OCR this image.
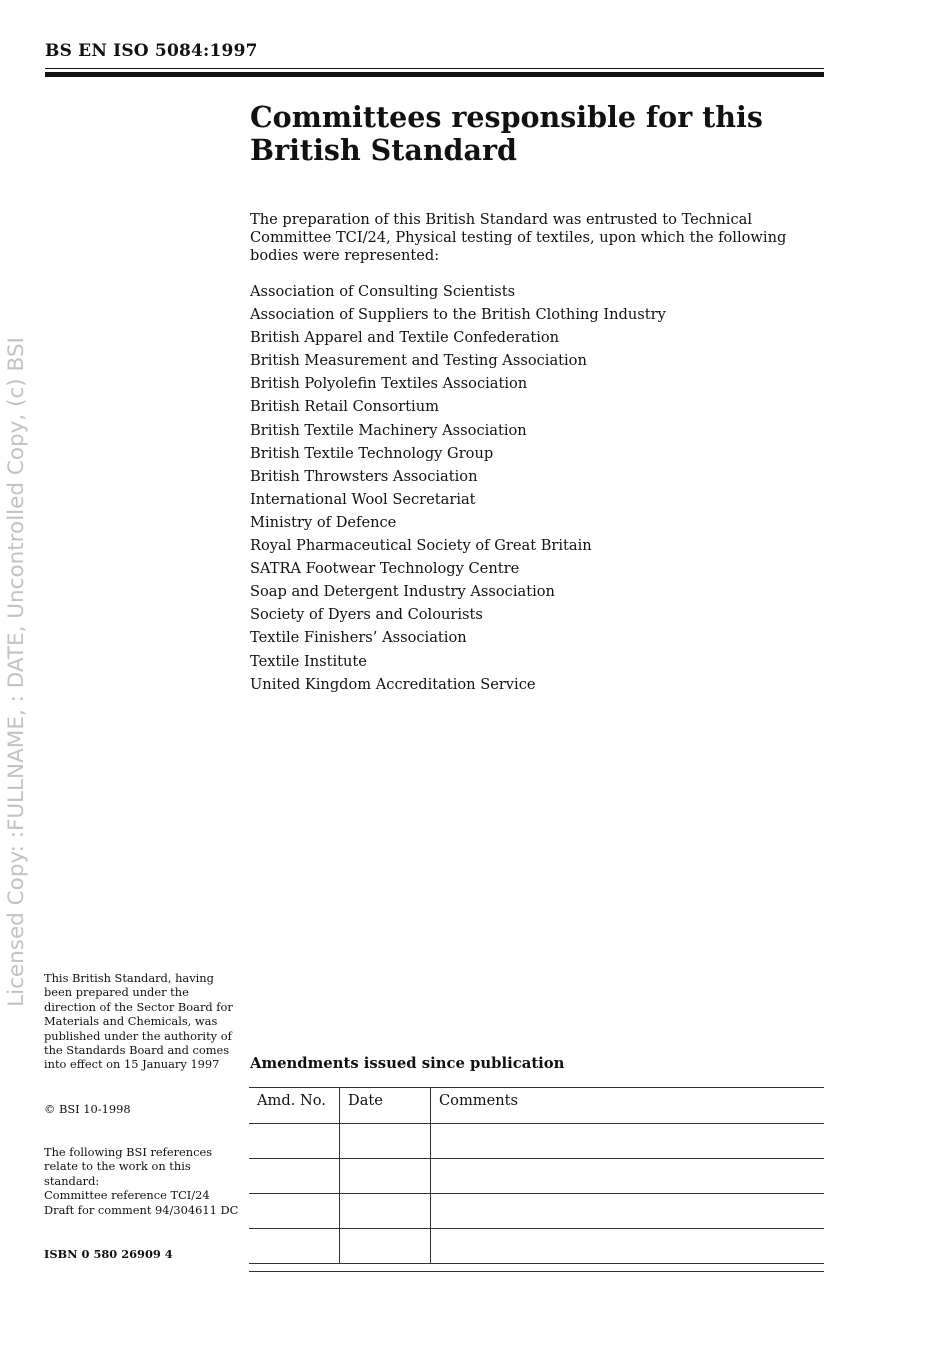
BS EN ISO 5084:1997
Licensed Copy: :FULLNAME, : DATE, Uncontrolled Copy, (c) BSI
Committees responsible for this
British Standard

The preparation of this British Standard was entrusted to Technical Committee TCI/24, Physical testing of textiles, upon which the following bodies were represented:

Association of Consulting Scientists
Association of Suppliers to the British Clothing Industry
British Apparel and Textile Confederation
British Measurement and Testing Association
British Polyolefin Textiles Association
British Retail Consortium
British Textile Machinery Association
British Textile Technology Group
British Throwsters Association
International Wool Secretariat
Ministry of Defence
Royal Pharmaceutical Society of Great Britain
SATRA Footwear Technology Centre
Soap and Detergent Industry Association
Society of Dyers and Colourists
Textile Finishers’ Association
Textile Institute
United Kingdom Accreditation Service

This British Standard, having been prepared under the direction of the Sector Board for Materials and Chemicals, was published under the authority of the Standards Board and comes into effect on 15 January 1997

© BSI 10-1998

The following BSI references relate to the work on this standard:
Committee reference TCI/24
Draft for comment 94/304611 DC

ISBN 0 580 26909 4

Amendments issued since publication
Amd. No.	Date	Comments
